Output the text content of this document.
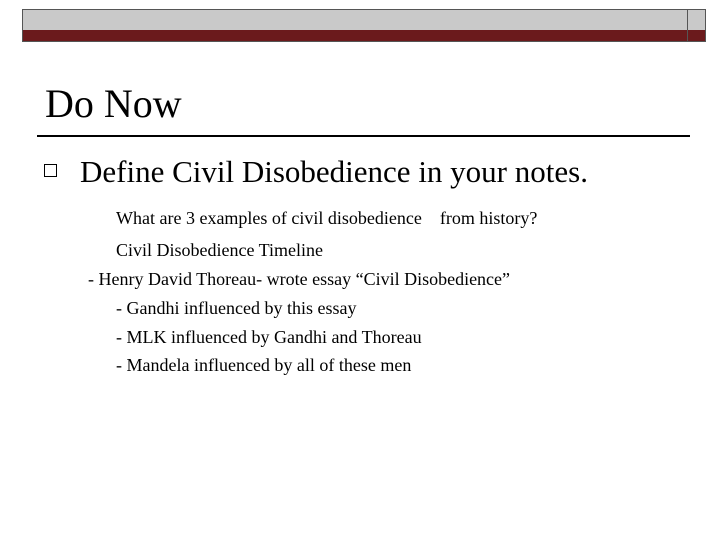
Do Now
Define Civil Disobedience in your notes.
What are 3 examples of civil disobedience    from history?
Civil Disobedience Timeline
- Henry David Thoreau- wrote essay “Civil Disobedience”
- Gandhi influenced by this essay
- MLK influenced by Gandhi and Thoreau
- Mandela influenced by all of these men
